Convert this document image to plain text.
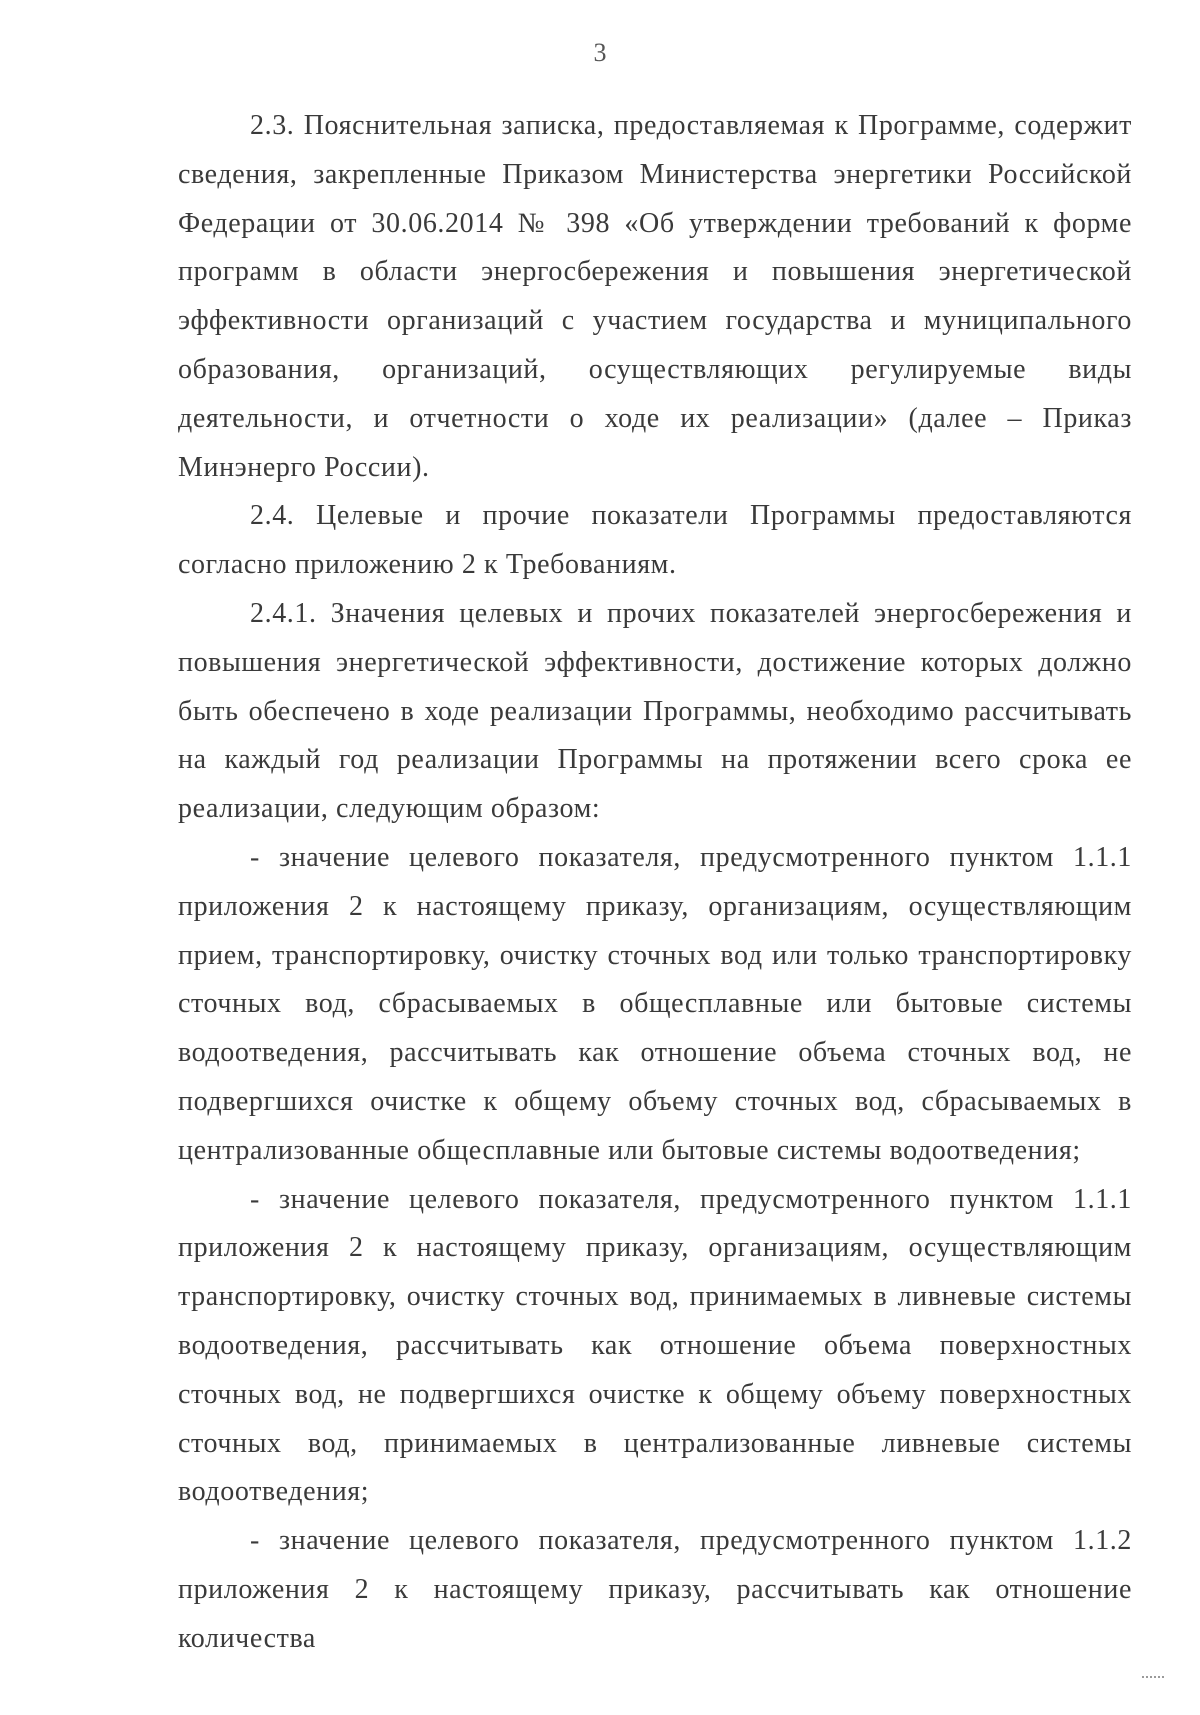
3

2.3. Пояснительная записка, предоставляемая к Программе, содержит сведения, закрепленные Приказом Министерства энергетики Российской Федерации от 30.06.2014 № 398 «Об утверждении требований к форме программ в области энергосбережения и повышения энергетической эффективности организаций с участием государства и муниципального образования, организаций, осуществляющих регулируемые виды деятельности, и отчетности о ходе их реализации» (далее – Приказ Минэнерго России).

2.4. Целевые и прочие показатели Программы предоставляются согласно приложению 2 к Требованиям.

2.4.1. Значения целевых и прочих показателей энергосбережения и повышения энергетической эффективности, достижение которых должно быть обеспечено в ходе реализации Программы, необходимо рассчитывать на каждый год реализации Программы на протяжении всего срока ее реализации, следующим образом:

- значение целевого показателя, предусмотренного пунктом 1.1.1 приложения 2 к настоящему приказу, организациям, осуществляющим прием, транспортировку, очистку сточных вод или только транспортировку сточных вод, сбрасываемых в общесплавные или бытовые системы водоотведения, рассчитывать как отношение объема сточных вод, не подвергшихся очистке к общему объему сточных вод, сбрасываемых в централизованные общесплавные или бытовые системы водоотведения;

- значение целевого показателя, предусмотренного пунктом 1.1.1 приложения 2 к настоящему приказу, организациям, осуществляющим транспортировку, очистку сточных вод, принимаемых в ливневые системы водоотведения, рассчитывать как отношение объема поверхностных сточных вод, не подвергшихся очистке к общему объему поверхностных сточных вод, принимаемых в централизованные ливневые системы водоотведения;

- значение целевого показателя, предусмотренного пунктом 1.1.2 приложения 2 к настоящему приказу, рассчитывать как отношение количества
